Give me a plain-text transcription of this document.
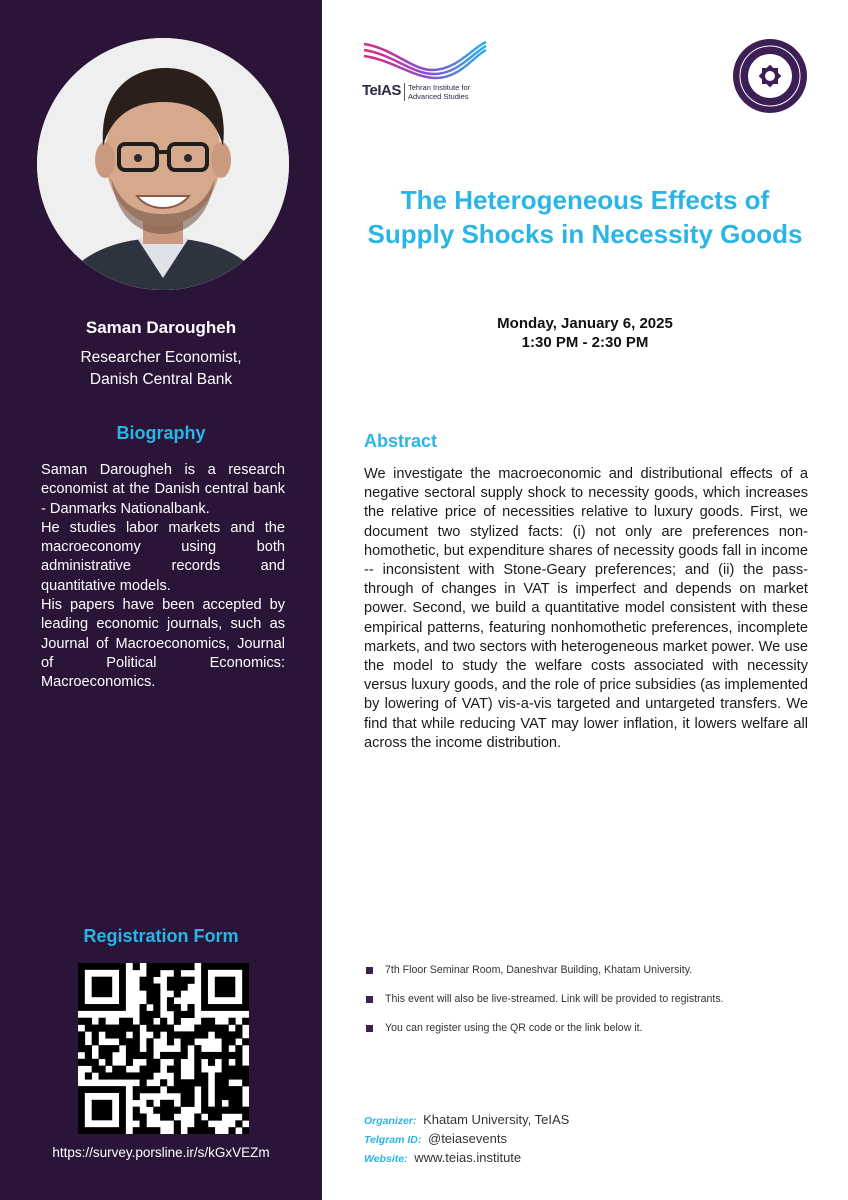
Saman Darougheh
Researcher Economist,
Danish Central Bank
Biography

Saman Darougheh is a research economist at the Danish central bank - Danmarks Nationalbank.

He studies labor markets and the macroeconomy using both administrative records and quantitative models.

His papers have been accepted by leading economic journals, such as Journal of Macroeconomics, Journal of Political Economics: Macroeconomics.

Registration Form
https://survey.porsline.ir/s/kGxVEZm
TeIAS Tehran Institute for
Advanced Studies
The Heterogeneous Effects of
Supply Shocks in Necessity Goods
Monday, January 6, 2025
1:30 PM - 2:30 PM
Abstract

We investigate the macroeconomic and distributional effects of a negative sectoral supply shock to necessity goods, which increases the relative price of necessities relative to luxury goods. First, we document two stylized facts: (i) not only are preferences non-homothetic, but expenditure shares of necessity goods fall in income -- inconsistent with Stone-Geary preferences; and (ii) the pass-through of changes in VAT is imperfect and depends on market power. Second, we build a quantitative model consistent with these empirical patterns, featuring nonhomothetic preferences, incomplete markets, and two sectors with heterogeneous market power. We use the model to study the welfare costs associated with necessity versus luxury goods, and the role of price subsidies (as implemented by lowering of VAT) vis-a-vis targeted and untargeted transfers. We find that while reducing VAT may lower inflation, it lowers welfare all across the income distribution.

7th Floor Seminar Room, Daneshvar Building, Khatam University.
This event will also be live-streamed. Link will be provided to registrants.
You can register using the QR code or the link below it.
Organizer: Khatam University, TeIAS
Telgram ID: @teiasevents
Website: www.teias.institute
